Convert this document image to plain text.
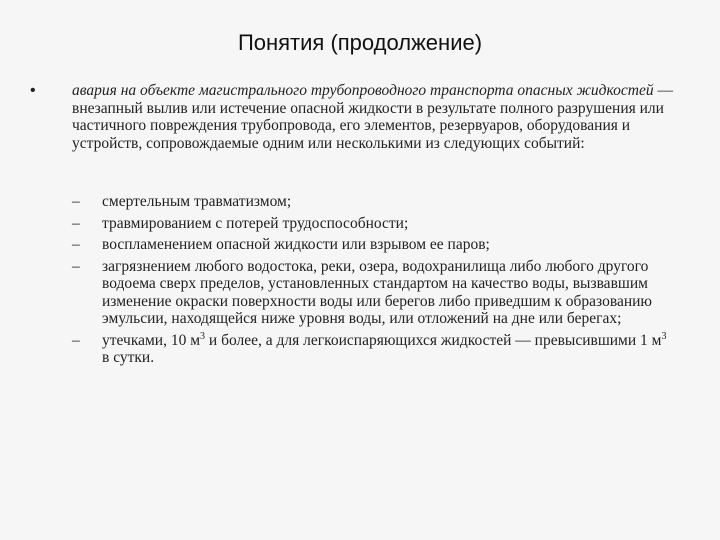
Понятия (продолжение)
• авария на объекте магистрального трубопроводного транспорта опасных жидкостей — внезапный вылив или истечение опасной жидкости в результате полного разрушения или частичного повреждения трубопровода, его элементов, резервуаров, оборудования и устройств, сопровождаемые одним или несколькими из следующих событий:
– смертельным травматизмом;
– травмированием с потерей трудоспособности;
– воспламенением опасной жидкости или взрывом ее паров;
– загрязнением любого водостока, реки, озера, водохранилища либо любого другого водоема сверх пределов, установленных стандартом на качество воды, вызвавшим изменение окраски поверхности воды или берегов либо приведшим к образованию эмульсии, находящейся ниже уровня воды, или отложений на дне или берегах;
– утечками, 10 $м^3$ и более, а для легкоиспаряющихся жидкостей — превысившими 1 $м^3$ в сутки.
